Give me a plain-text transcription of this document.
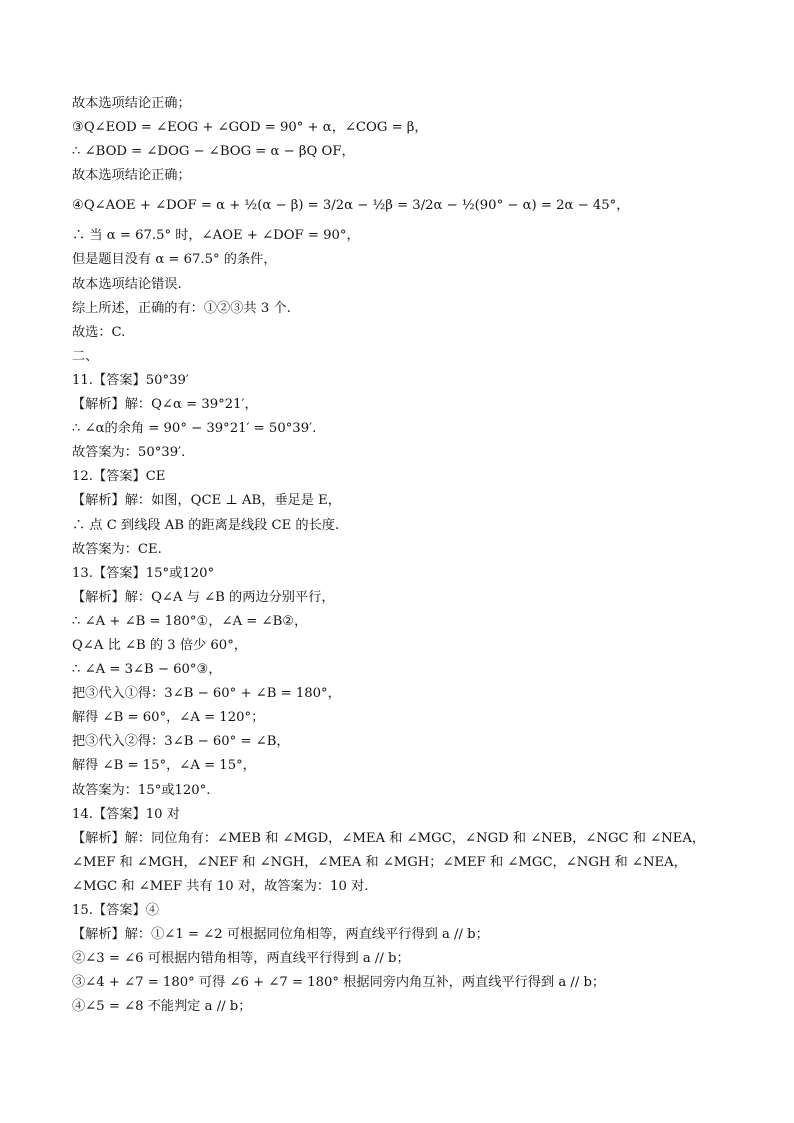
故本选项结论正确；
③Q∠EOD = ∠EOG + ∠GOD = 90° + α，∠COG = β，
∴ ∠BOD = ∠DOG − ∠BOG = α − βQ OF，
故本选项结论正确；
④Q∠AOE + ∠DOF = α + ½(α − β) = 3/2α − ½β = 3/2α − ½(90° − α) = 2α − 45°，
∴ 当 α = 67.5° 时，∠AOE + ∠DOF = 90°，
但是题目没有 α = 67.5° 的条件，
故本选项结论错误.
综上所述，正确的有：①②③共 3 个.
故选：C.
二、
11.【答案】50°39′
【解析】解：Q∠α = 39°21′，
∴ ∠α的余角 = 90° − 39°21′ = 50°39′.
故答案为：50°39′.
12.【答案】CE
【解析】解：如图，QCE ⊥ AB，垂足是 E，
∴ 点 C 到线段 AB 的距离是线段 CE 的长度.
故答案为：CE.
13.【答案】15°或120°
【解析】解：Q∠A 与 ∠B 的两边分别平行，
∴ ∠A + ∠B = 180°①，∠A = ∠B②，
Q∠A 比 ∠B 的 3 倍少 60°，
∴ ∠A = 3∠B − 60°③，
把③代入①得：3∠B − 60° + ∠B = 180°，
解得 ∠B = 60°，∠A = 120°；
把③代入②得：3∠B − 60° = ∠B，
解得 ∠B = 15°，∠A = 15°，
故答案为：15°或120°.
14.【答案】10 对
【解析】解：同位角有：∠MEB 和 ∠MGD，∠MEA 和 ∠MGC，∠NGD 和 ∠NEB，∠NGC 和 ∠NEA，
∠MEF 和 ∠MGH，∠NEF 和 ∠NGH，∠MEA 和 ∠MGH；∠MEF 和 ∠MGC，∠NGH 和 ∠NEA，
∠MGC 和 ∠MEF 共有 10 对，故答案为：10 对.
15.【答案】④
【解析】解：①∠1 = ∠2 可根据同位角相等，两直线平行得到 a // b；
②∠3 = ∠6 可根据内错角相等，两直线平行得到 a // b；
③∠4 + ∠7 = 180° 可得 ∠6 + ∠7 = 180° 根据同旁内角互补，两直线平行得到 a // b；
④∠5 = ∠8 不能判定 a // b；
